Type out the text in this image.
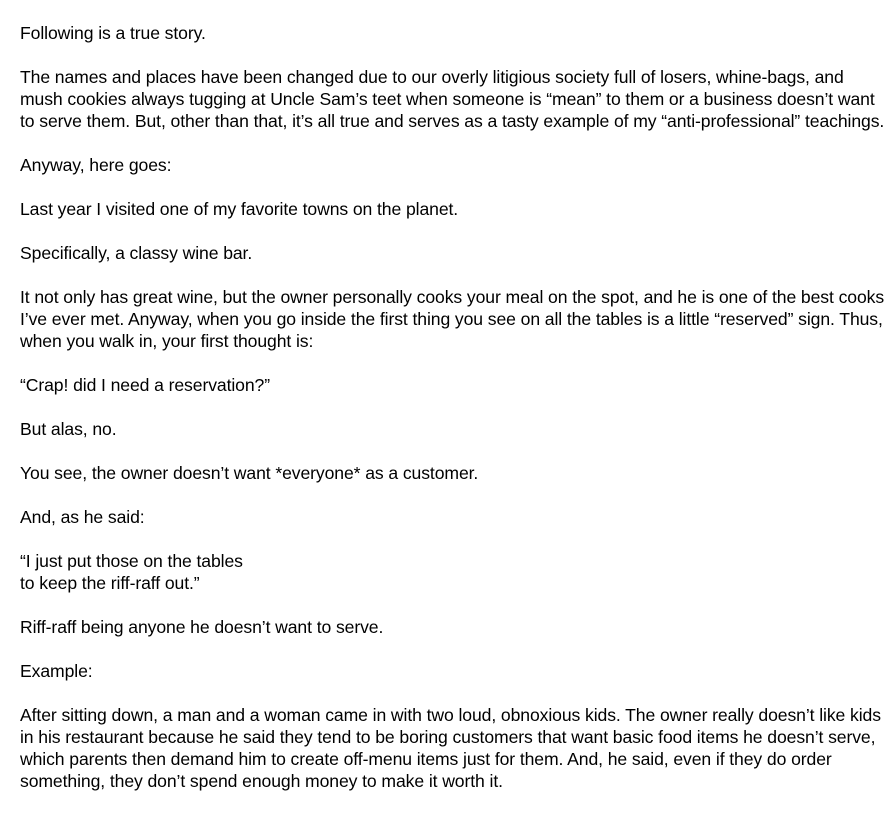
Following is a true story.

The names and places have been changed due to our overly litigious society full of losers, whine-bags, and mush cookies always tugging at Uncle Sam’s teet when someone is “mean” to them or a business doesn’t want to serve them. But, other than that, it’s all true and serves as a tasty example of my “anti-professional” teachings.

Anyway, here goes:

Last year I visited one of my favorite towns on the planet.

Specifically, a classy wine bar.

It not only has great wine, but the owner personally cooks your meal on the spot, and he is one of the best cooks I’ve ever met. Anyway, when you go inside the first thing you see on all the tables is a little “reserved” sign. Thus, when you walk in, your first thought is:

“Crap! did I need a reservation?”

But alas, no.

You see, the owner doesn’t want *everyone* as a customer.

And, as he said:

“I just put those on the tables
to keep the riff-raff out.”

Riff-raff being anyone he doesn’t want to serve.

Example:

After sitting down, a man and a woman came in with two loud, obnoxious kids. The owner really doesn’t like kids in his restaurant because he said they tend to be boring customers that want basic food items he doesn’t serve, which parents then demand him to create off-menu items just for them. And, he said, even if they do order something, they don’t spend enough money to make it worth it.
